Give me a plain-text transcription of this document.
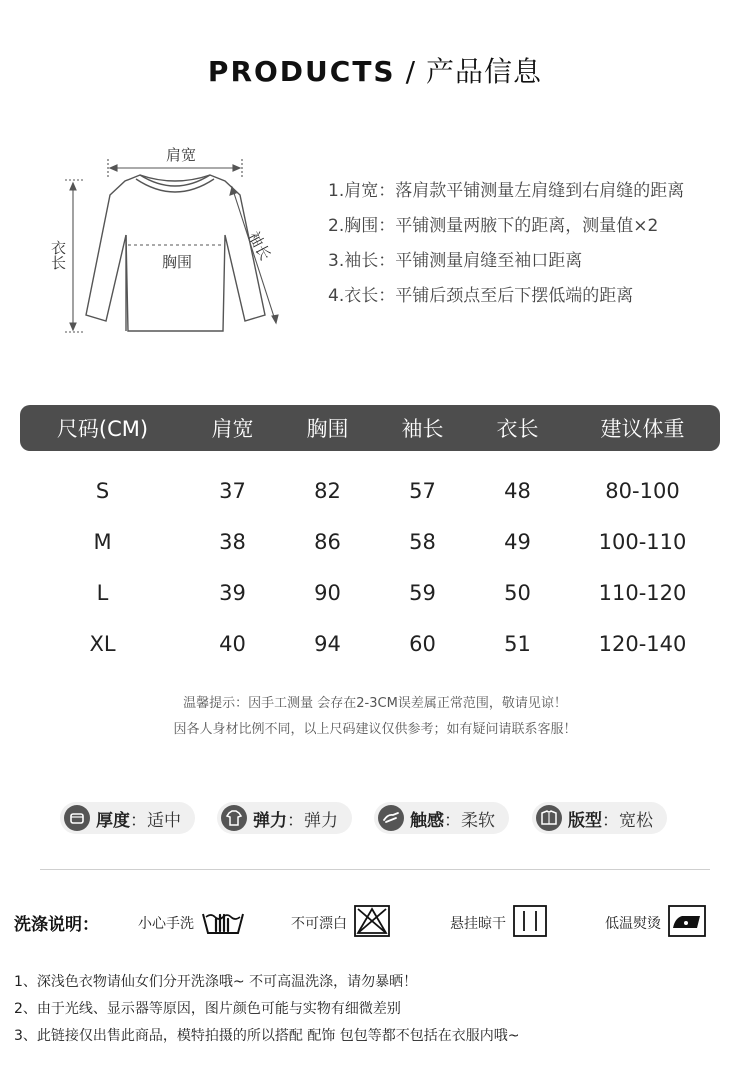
PRODUCTS / 产品信息
肩宽
胸围	袖长
衣长
1.肩宽：落肩款平铺测量左肩缝到右肩缝的距离
2.胸围：平铺测量两腋下的距离，测量值×2
3.袖长：平铺测量肩缝至袖口距离
4.衣长：平铺后颈点至后下摆低端的距离
尺码(CM)	肩宽	胸围	袖长	衣长	建议体重
S	37	82	57	48	80-100
M	38	86	58	49	100-110
L	39	90	59	50	110-120
XL	40	94	60	51	120-140
温馨提示：因手工测量 会存在2-3CM误差属正常范围，敬请见谅！
因各人身材比例不同，以上尺码建议仅供参考；如有疑问请联系客服！
厚度 ： 适中	弹力 ： 弹力	触感 ： 柔软	版型 ： 宽松
洗涤说明：	小心手洗	不可漂白	悬挂晾干	低温熨烫
1、深浅色衣物请仙女们分开洗涤哦~ 不可高温洗涤，请勿暴晒！
2、由于光线、显示器等原因，图片颜色可能与实物有细微差别
3、此链接仅出售此商品，模特拍摄的所以搭配 配饰 包包等都不包括在衣服内哦~
